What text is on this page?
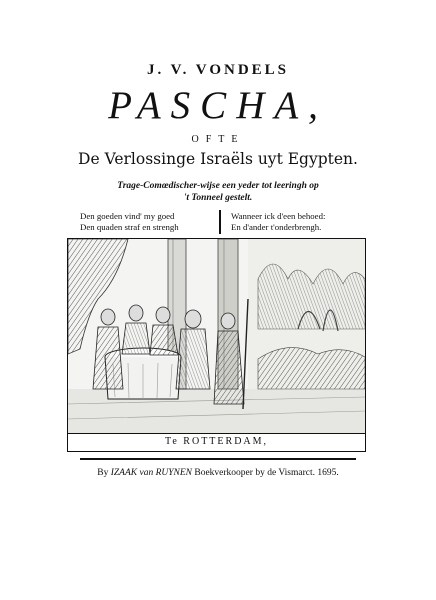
J. V. VONDELS
PASCHA,
OFTE
De Verlossinge Israëls uyt Egypten.
Trage-Comœdischer-wijse een yeder tot leeringh op
't Tonneel gestelt.
Den goeden vind' my goed
Den quaden straf en strengh
Wanneer ick d'een behoed:
En d'ander t'onderbrengh.
Te ROTTERDAM,
By IZAAK van RUYNEN Boekverkooper by de Vismarct. 1695.
